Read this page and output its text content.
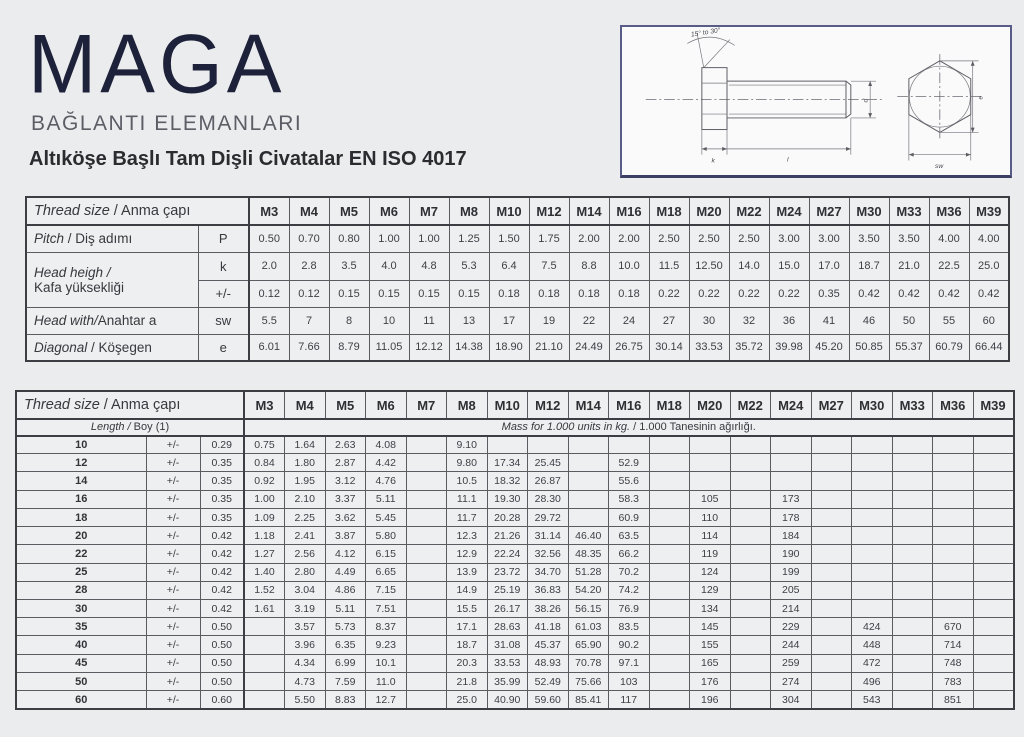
MAGA
BAĞLANTI ELEMANLARI
Altıköşe Başlı Tam Dişli Civatalar EN ISO 4017
15° to 30°
d
k	l
e
sw
Thread size / Anma çapı		M3	M4	M5	M6	M7	M8	M10	M12	M14	M16	M18	M20	M22	M24	M27	M30	M33	M36	M39
Pitch / Diş adımı	P	0.50	0.70	0.80	1.00	1.00	1.25	1.50	1.75	2.00	2.00	2.50	2.50	2.50	3.00	3.00	3.50	3.50	4.00	4.00
Head heigh /
Kafa yüksekliği	k	2.0	2.8	3.5	4.0	4.8	5.3	6.4	7.5	8.8	10.0	11.5	12.50	14.0	15.0	17.0	18.7	21.0	22.5	25.0
	+/-	0.12	0.12	0.15	0.15	0.15	0.15	0.18	0.18	0.18	0.18	0.22	0.22	0.22	0.22	0.35	0.42	0.42	0.42	0.42
Head with/Anahtar a	sw	5.5	7	8	10	11	13	17	19	22	24	27	30	32	36	41	46	50	55	60
Diagonal / Köşegen	e	6.01	7.66	8.79	11.05	12.12	14.38	18.90	21.10	24.49	26.75	30.14	33.53	35.72	39.98	45.20	50.85	55.37	60.79	66.44
Thread size / Anma çapı			M3	M4	M5	M6	M7	M8	M10	M12	M14	M16	M18	M20	M22	M24	M27	M30	M33	M36	M39
Length / Boy (1)			Mass for 1.000 units in kg. / 1.000 Tanesinin ağırlığı.																		
10	+/-	0.29	0.75	1.64	2.63	4.08		9.10													
12	+/-	0.35	0.84	1.80	2.87	4.42		9.80	17.34	25.45		52.9									
14	+/-	0.35	0.92	1.95	3.12	4.76		10.5	18.32	26.87		55.6									
16	+/-	0.35	1.00	2.10	3.37	5.11		11.1	19.30	28.30		58.3		105		173					
18	+/-	0.35	1.09	2.25	3.62	5.45		11.7	20.28	29.72		60.9		110		178					
20	+/-	0.42	1.18	2.41	3.87	5.80		12.3	21.26	31.14	46.40	63.5		114		184					
22	+/-	0.42	1.27	2.56	4.12	6.15		12.9	22.24	32.56	48.35	66.2		119		190					
25	+/-	0.42	1.40	2.80	4.49	6.65		13.9	23.72	34.70	51.28	70.2		124		199					
28	+/-	0.42	1.52	3.04	4.86	7.15		14.9	25.19	36.83	54.20	74.2		129		205					
30	+/-	0.42	1.61	3.19	5.11	7.51		15.5	26.17	38.26	56.15	76.9		134		214					
35	+/-	0.50		3.57	5.73	8.37		17.1	28.63	41.18	61.03	83.5		145		229		424		670	
40	+/-	0.50		3.96	6.35	9.23		18.7	31.08	45.37	65.90	90.2		155		244		448		714	
45	+/-	0.50		4.34	6.99	10.1		20.3	33.53	48.93	70.78	97.1		165		259		472		748	
50	+/-	0.50		4.73	7.59	11.0		21.8	35.99	52.49	75.66	103		176		274		496		783	
60	+/-	0.60		5.50	8.83	12.7		25.0	40.90	59.60	85.41	117		196		304		543		851	
